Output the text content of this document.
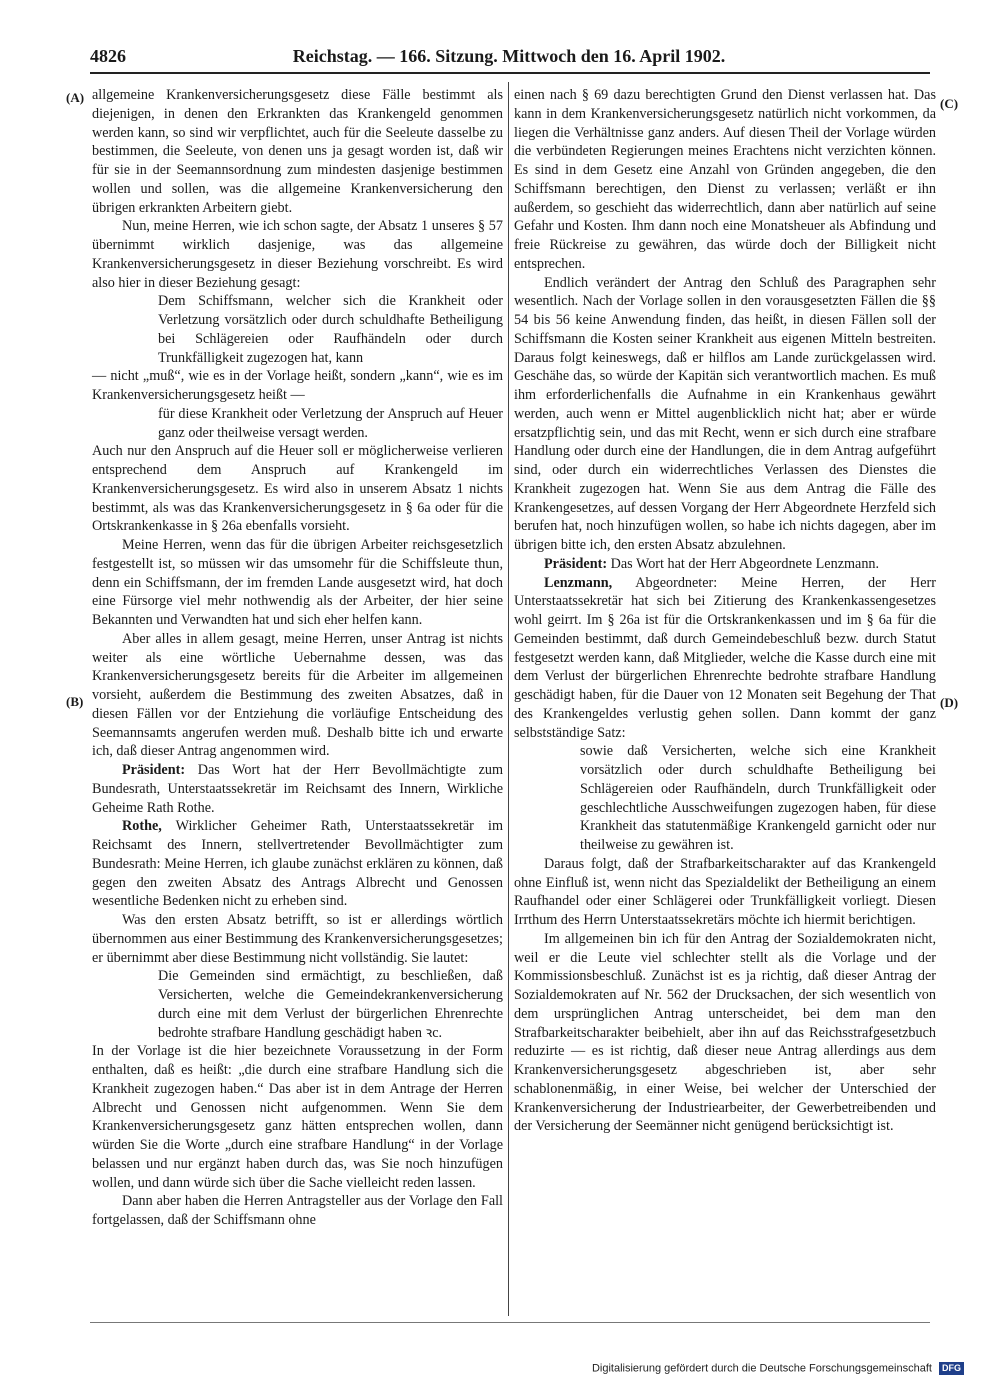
4826	Reichstag. — 166. Sitzung. Mittwoch den 16. April 1902.
(A)
(B)
(C)
(D)

allgemeine Krankenversicherungsgesetz diese Fälle bestimmt als diejenigen, in denen den Erkrankten das Krankengeld genommen werden kann, so sind wir verpflichtet, auch für die Seeleute dasselbe zu bestimmen, die Seeleute, von denen uns ja gesagt worden ist, daß wir für sie in der Seemannsordnung zum mindesten dasjenige bestimmen wollen und sollen, was die allgemeine Krankenversicherung den übrigen erkrankten Arbeitern giebt.

Nun, meine Herren, wie ich schon sagte, der Absatz 1 unseres § 57 übernimmt wirklich dasjenige, was das allgemeine Krankenversicherungsgesetz in dieser Beziehung vorschreibt. Es wird also hier in dieser Beziehung gesagt:

Dem Schiffsmann, welcher sich die Krankheit oder Verletzung vorsätzlich oder durch schuldhafte Betheiligung bei Schlägereien oder Raufhändeln oder durch Trunkfälligkeit zugezogen hat, kann

— nicht „muß“, wie es in der Vorlage heißt, sondern „kann“, wie es im Krankenversicherungsgesetz heißt —

für diese Krankheit oder Verletzung der Anspruch auf Heuer ganz oder theilweise versagt werden.

Auch nur den Anspruch auf die Heuer soll er möglicherweise verlieren entsprechend dem Anspruch auf Krankengeld im Krankenversicherungsgesetz. Es wird also in unserem Absatz 1 nichts bestimmt, als was das Krankenversicherungsgesetz in § 6a oder für die Ortskrankenkasse in § 26a ebenfalls vorsieht.

Meine Herren, wenn das für die übrigen Arbeiter reichsgesetzlich festgestellt ist, so müssen wir das umsomehr für die Schiffsleute thun, denn ein Schiffsmann, der im fremden Lande ausgesetzt wird, hat doch eine Fürsorge viel mehr nothwendig als der Arbeiter, der hier seine Bekannten und Verwandten hat und sich eher helfen kann.

Aber alles in allem gesagt, meine Herren, unser Antrag ist nichts weiter als eine wörtliche Uebernahme dessen, was das Krankenversicherungsgesetz bereits für die Arbeiter im allgemeinen vorsieht, außerdem die Bestimmung des zweiten Absatzes, daß in diesen Fällen vor der Entziehung die vorläufige Entscheidung des Seemannsamts angerufen werden muß. Deshalb bitte ich und erwarte ich, daß dieser Antrag angenommen wird.

Präsident: Das Wort hat der Herr Bevollmächtigte zum Bundesrath, Unterstaatssekretär im Reichsamt des Innern, Wirkliche Geheime Rath Rothe.

Rothe, Wirklicher Geheimer Rath, Unterstaatssekretär im Reichsamt des Innern, stellvertretender Bevollmächtigter zum Bundesrath: Meine Herren, ich glaube zunächst erklären zu können, daß gegen den zweiten Absatz des Antrags Albrecht und Genossen wesentliche Bedenken nicht zu erheben sind.

Was den ersten Absatz betrifft, so ist er allerdings wörtlich übernommen aus einer Bestimmung des Krankenversicherungsgesetzes; er übernimmt aber diese Bestimmung nicht vollständig. Sie lautet:

Die Gemeinden sind ermächtigt, zu beschließen, daß Versicherten, welche die Gemeindekrankenversicherung durch eine mit dem Verlust der bürgerlichen Ehrenrechte bedrohte strafbare Handlung geschädigt haben ꝛc.

In der Vorlage ist die hier bezeichnete Voraussetzung in der Form enthalten, daß es heißt: „die durch eine strafbare Handlung sich die Krankheit zugezogen haben.“ Das aber ist in dem Antrage der Herren Albrecht und Genossen nicht aufgenommen. Wenn Sie dem Krankenversicherungsgesetz ganz hätten entsprechen wollen, dann würden Sie die Worte „durch eine strafbare Handlung“ in der Vorlage belassen und nur ergänzt haben durch das, was Sie noch hinzufügen wollen, und dann würde sich über die Sache vielleicht reden lassen.

Dann aber haben die Herren Antragsteller aus der Vorlage den Fall fortgelassen, daß der Schiffsmann ohne

einen nach § 69 dazu berechtigten Grund den Dienst verlassen hat. Das kann in dem Krankenversicherungsgesetz natürlich nicht vorkommen, da liegen die Verhältnisse ganz anders. Auf diesen Theil der Vorlage würden die verbündeten Regierungen meines Erachtens nicht verzichten können. Es sind in dem Gesetz eine Anzahl von Gründen angegeben, die den Schiffsmann berechtigen, den Dienst zu verlassen; verläßt er ihn außerdem, so geschieht das widerrechtlich, dann aber natürlich auf seine Gefahr und Kosten. Ihm dann noch eine Monatsheuer als Abfindung und freie Rückreise zu gewähren, das würde doch der Billigkeit nicht entsprechen.

Endlich verändert der Antrag den Schluß des Paragraphen sehr wesentlich. Nach der Vorlage sollen in den vorausgesetzten Fällen die §§ 54 bis 56 keine Anwendung finden, das heißt, in diesen Fällen soll der Schiffsmann die Kosten seiner Krankheit aus eigenen Mitteln bestreiten. Daraus folgt keineswegs, daß er hilflos am Lande zurückgelassen wird. Geschähe das, so würde der Kapitän sich verantwortlich machen. Es muß ihm erforderlichenfalls die Aufnahme in ein Krankenhaus gewährt werden, auch wenn er Mittel augenblicklich nicht hat; aber er würde ersatzpflichtig sein, und das mit Recht, wenn er sich durch eine strafbare Handlung oder durch eine der Handlungen, die in dem Antrag aufgeführt sind, oder durch ein widerrechtliches Verlassen des Dienstes die Krankheit zugezogen hat. Wenn Sie aus dem Antrag die Fälle des Krankengesetzes, auf dessen Vorgang der Herr Abgeordnete Herzfeld sich berufen hat, noch hinzufügen wollen, so habe ich nichts dagegen, aber im übrigen bitte ich, den ersten Absatz abzulehnen.

Präsident: Das Wort hat der Herr Abgeordnete Lenzmann.

Lenzmann, Abgeordneter: Meine Herren, der Herr Unterstaatssekretär hat sich bei Zitierung des Krankenkassengesetzes wohl geirrt. Im § 26a ist für die Ortskrankenkassen und im § 6a für die Gemeinden bestimmt, daß durch Gemeindebeschluß bezw. durch Statut festgesetzt werden kann, daß Mitglieder, welche die Kasse durch eine mit dem Verlust der bürgerlichen Ehrenrechte bedrohte strafbare Handlung geschädigt haben, für die Dauer von 12 Monaten seit Begehung der That des Krankengeldes verlustig gehen sollen. Dann kommt der ganz selbstständige Satz:

sowie daß Versicherten, welche sich eine Krankheit vorsätzlich oder durch schuldhafte Betheiligung bei Schlägereien oder Raufhändeln, durch Trunkfälligkeit oder geschlechtliche Ausschweifungen zugezogen haben, für diese Krankheit das statutenmäßige Krankengeld garnicht oder nur theilweise zu gewähren ist.

Daraus folgt, daß der Strafbarkeitscharakter auf das Krankengeld ohne Einfluß ist, wenn nicht das Spezialdelikt der Betheiligung an einem Raufhandel oder einer Schlägerei oder Trunkfälligkeit vorliegt. Diesen Irrthum des Herrn Unterstaatssekretärs möchte ich hiermit berichtigen.

Im allgemeinen bin ich für den Antrag der Sozialdemokraten nicht, weil er die Leute viel schlechter stellt als die Vorlage und der Kommissionsbeschluß. Zunächst ist es ja richtig, daß dieser Antrag der Sozialdemokraten auf Nr. 562 der Drucksachen, der sich wesentlich von dem ursprünglichen Antrag unterscheidet, bei dem man den Strafbarkeitscharakter beibehielt, aber ihn auf das Reichsstrafgesetzbuch reduzirte — es ist richtig, daß dieser neue Antrag allerdings aus dem Krankenversicherungsgesetz abgeschrieben ist, aber sehr schablonenmäßig, in einer Weise, bei welcher der Unterschied der Krankenversicherung der Industriearbeiter, der Gewerbetreibenden und der Versicherung der Seemänner nicht genügend berücksichtigt ist.

Digitalisierung gefördert durch die Deutsche Forschungsgemeinschaft DFG
